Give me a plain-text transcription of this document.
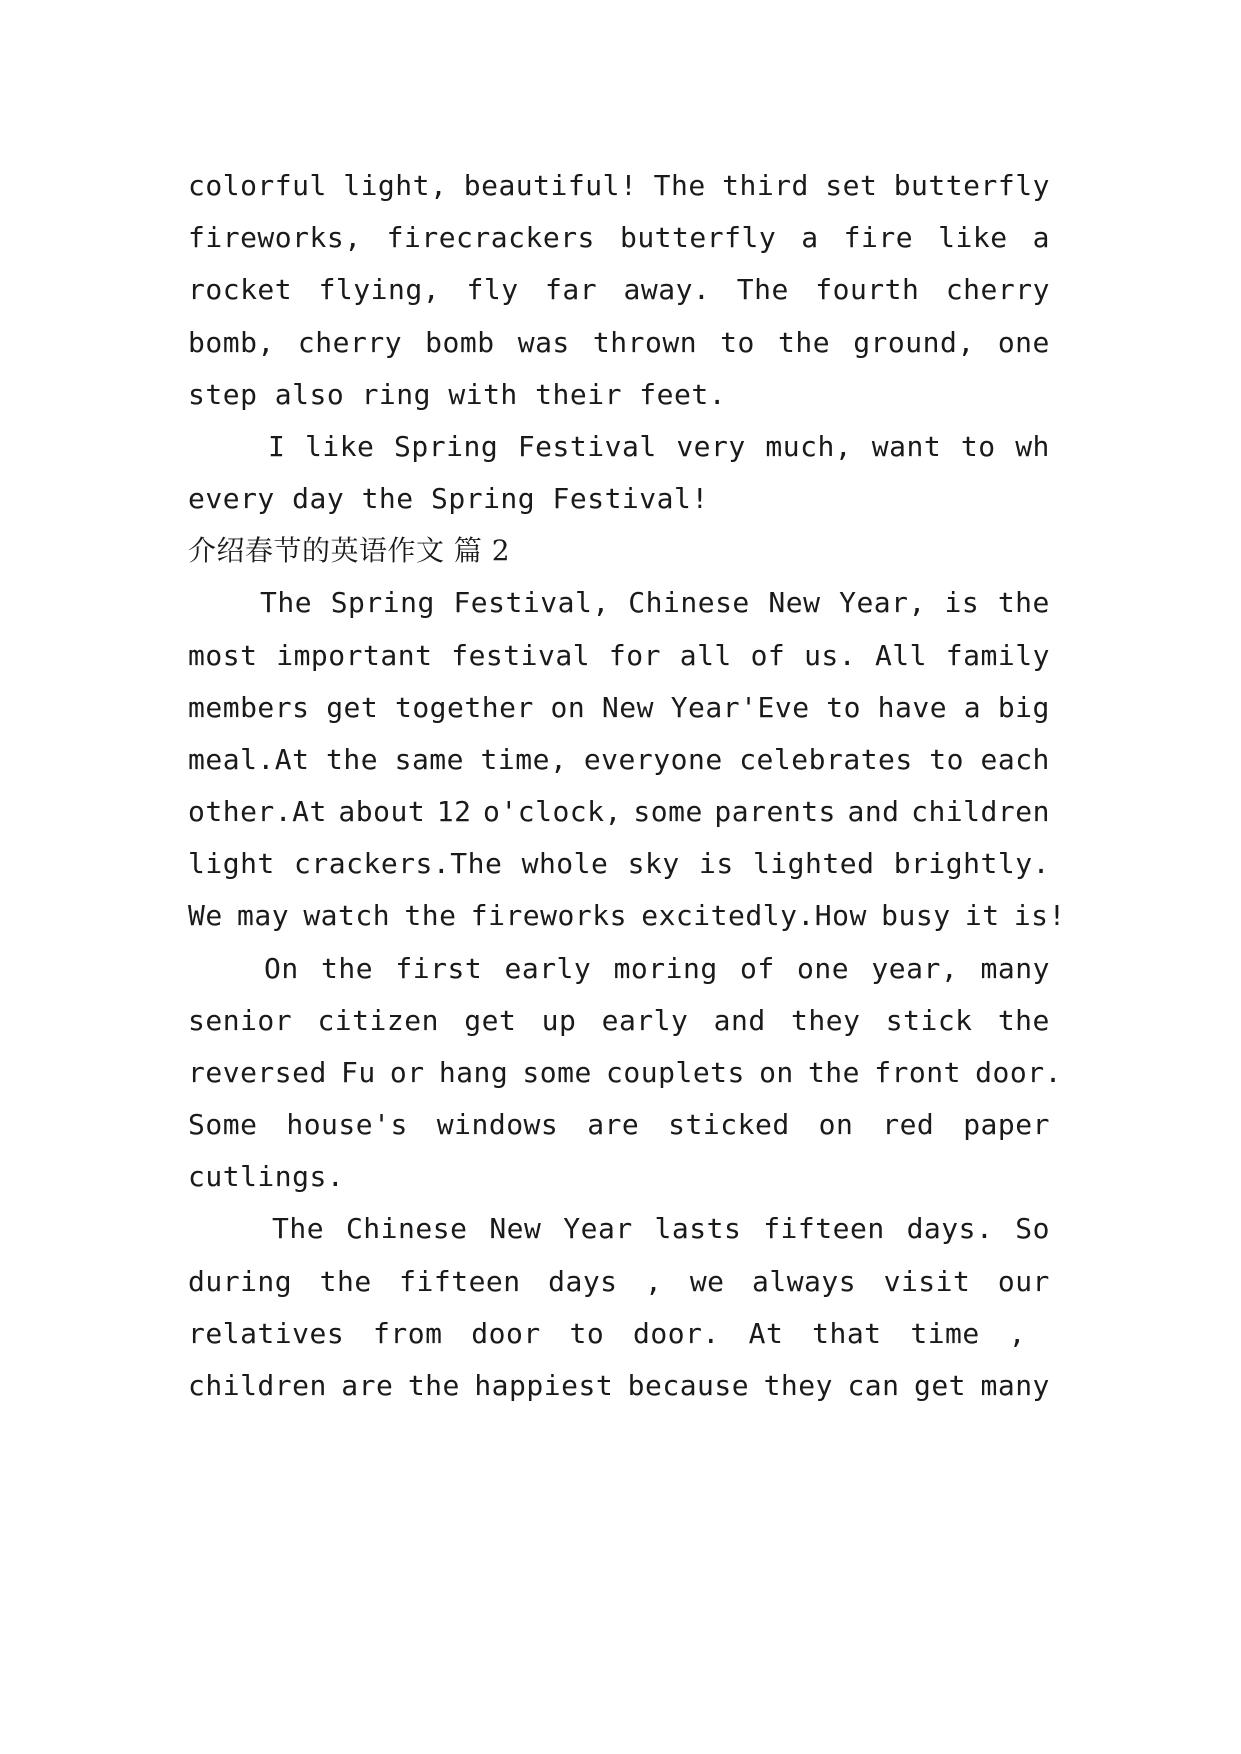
colorful light, beautiful! The third set butterfly
fireworks, firecrackers butterfly a fire like a
rocket flying, fly far away. The fourth cherry
bomb, cherry bomb was thrown to the ground, one
step also ring with their feet.
I like Spring Festival very much, want to wh
every day the Spring Festival!
介绍春节的英语作文 篇 2
The Spring Festival, Chinese New Year, is the
most important festival for all of us. All family
members get together on New Year'Eve to have a big
meal.At the same time, everyone celebrates to each
other.At about 12 o'clock, some parents and children
light crackers.The whole sky is lighted brightly.
We may watch the fireworks excitedly.How busy it is!
On the first early moring of one year, many
senior citizen get up early and they stick the
reversed Fu or hang some couplets on the front door.
Some house's windows are sticked on red paper
cutlings.
The Chinese New Year lasts fifteen days. So
during the fifteen days , we always visit our
relatives from door to door. At that time ,
children are the happiest because they can get many
